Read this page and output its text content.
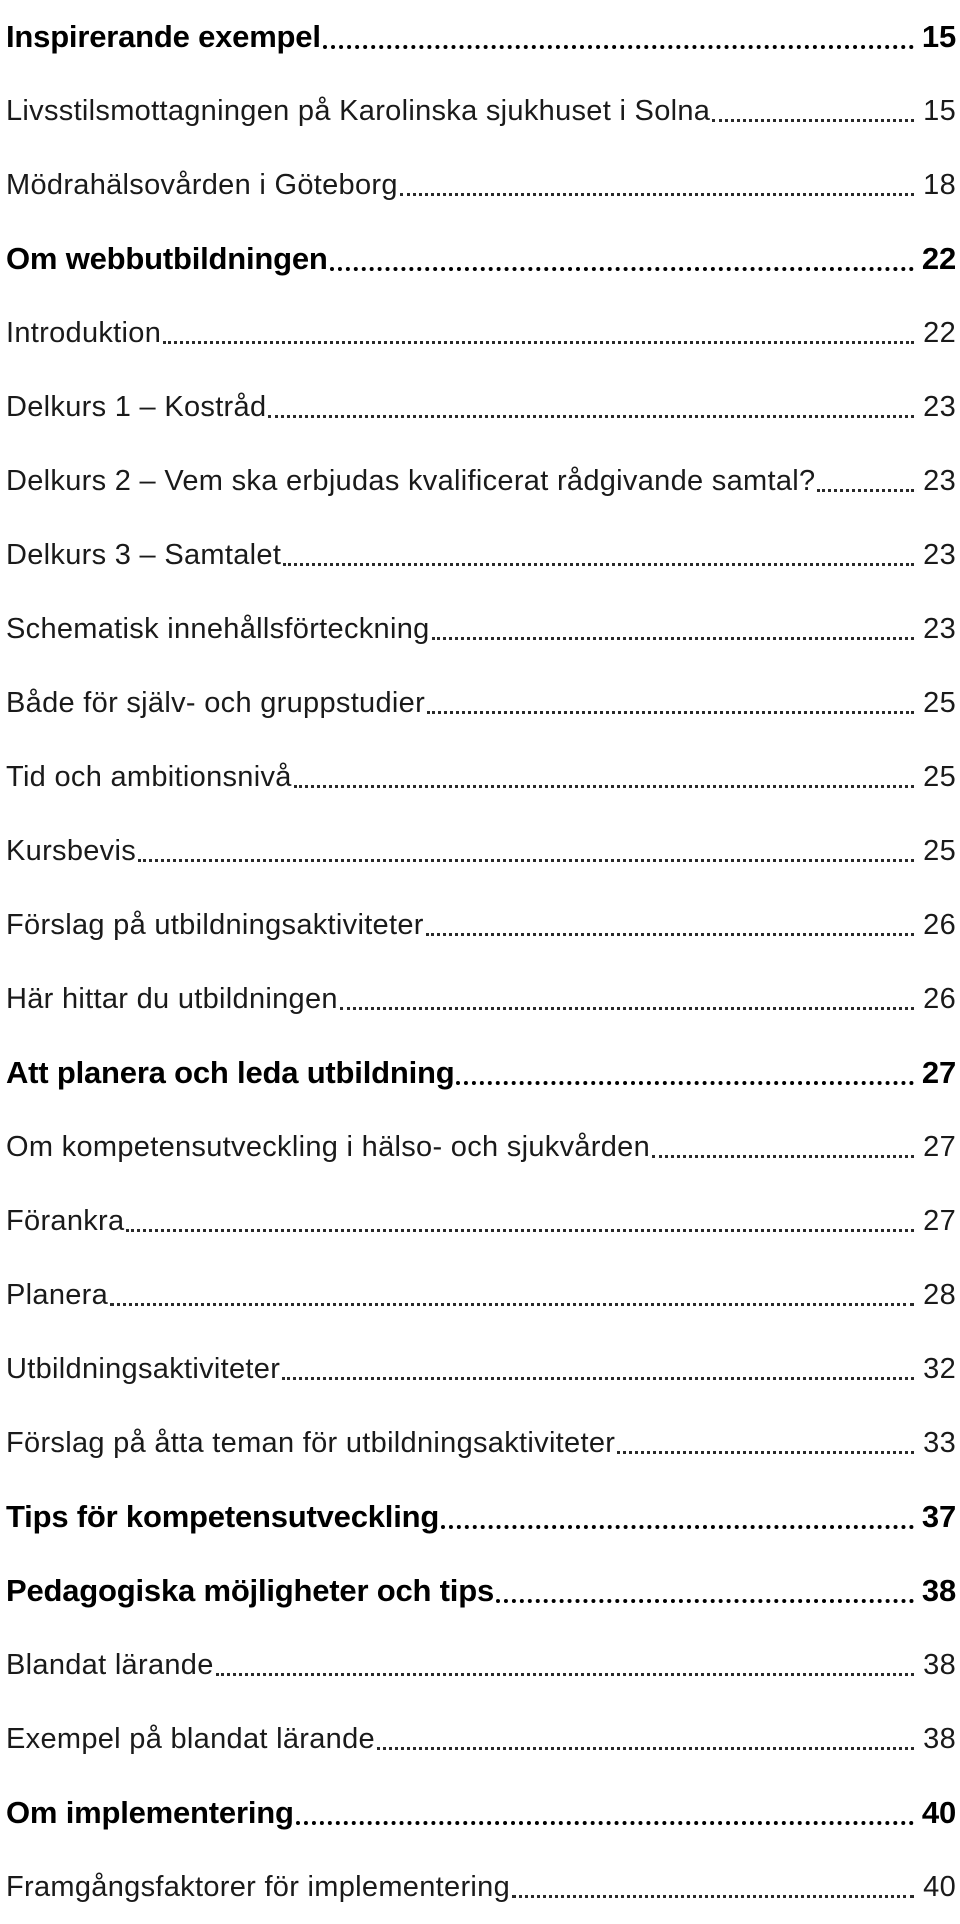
Inspirerande exempel	15
Livsstilsmottagningen på Karolinska sjukhuset i Solna	15
Mödrahälsovården i Göteborg	18
Om webbutbildningen	22
Introduktion	22
Delkurs 1 – Kostråd	23
Delkurs 2 – Vem ska erbjudas kvalificerat rådgivande samtal?	23
Delkurs 3 – Samtalet	23
Schematisk innehållsförteckning	23
Både för själv- och gruppstudier	25
Tid och ambitionsnivå	25
Kursbevis	25
Förslag på utbildningsaktiviteter	26
Här hittar du utbildningen	26
Att planera och leda utbildning	27
Om kompetensutveckling i hälso- och sjukvården	27
Förankra	27
Planera	28
Utbildningsaktiviteter	32
Förslag på åtta teman för utbildningsaktiviteter	33
Tips för kompetensutveckling	37
Pedagogiska möjligheter och tips	38
Blandat lärande	38
Exempel på blandat lärande	38
Om implementering	40
Framgångsfaktorer för implementering	40
